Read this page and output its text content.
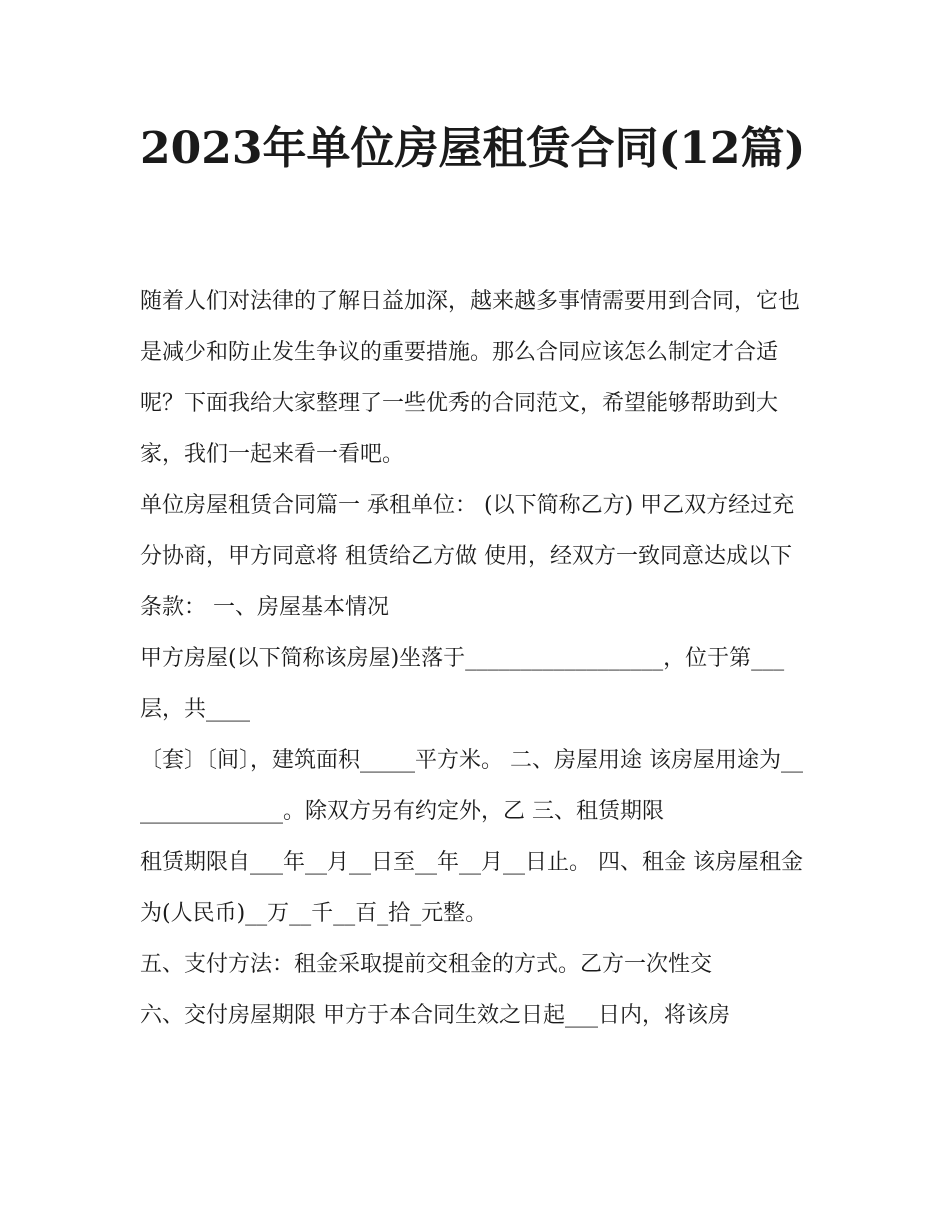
2023年单位房屋租赁合同(12篇)

随着人们对法律的了解日益加深，越来越多事情需要用到合同，它也是减少和防止发生争议的重要措施。那么合同应该怎么制定才合适呢？下面我给大家整理了一些优秀的合同范文，希望能够帮助到大家，我们一起来看一看吧。

单位房屋租赁合同篇一 承租单位： (以下简称乙方) 甲乙双方经过充分协商，甲方同意将 租赁给乙方做 使用，经双方一致同意达成以下条款： 一、房屋基本情况

甲方房屋(以下简称该房屋)坐落于__________________，位于第___层，共____

〔套〕〔间〕，建筑面积_____平方米。 二、房屋用途 该房屋用途为_______________。除双方另有约定外，乙 三、租赁期限

租赁期限自___年__月__日至__年__月__日止。 四、租金 该房屋租金为(人民币)__万__千__百_拾_元整。

五、支付方法：租金采取提前交租金的方式。乙方一次性交

六、交付房屋期限 甲方于本合同生效之日起___日内，将该房
